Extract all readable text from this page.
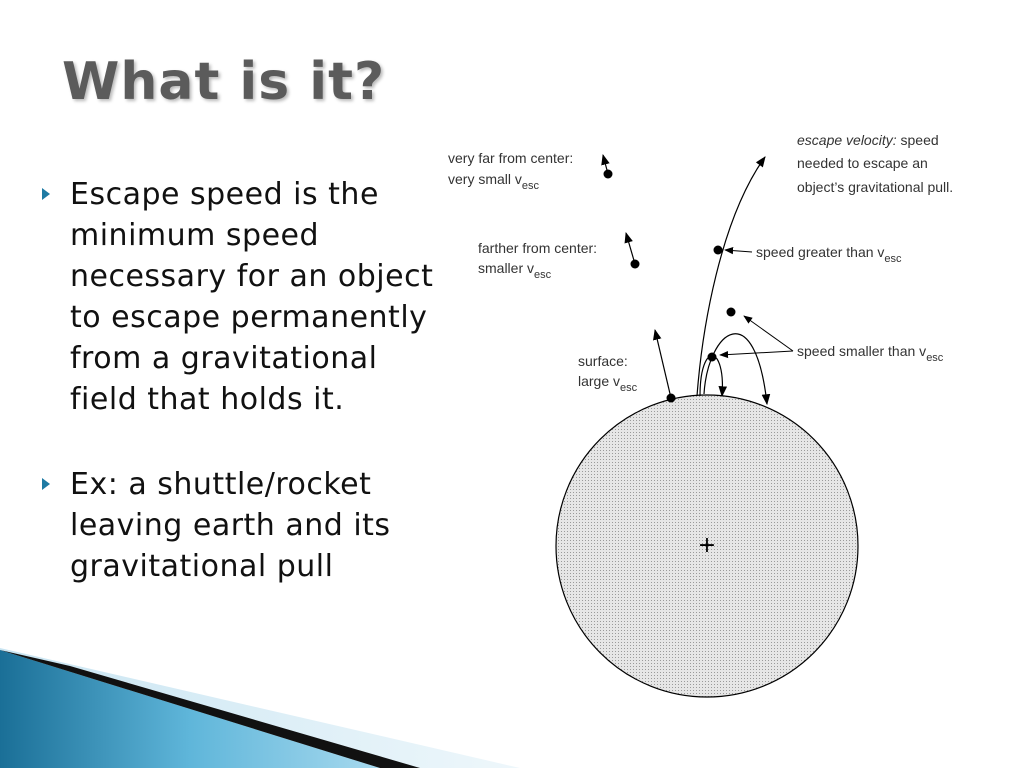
What is it?
Escape speed is the minimum speed necessary for an object to escape permanently from a gravitational field that holds it.
Ex: a shuttle/rocket leaving earth and its gravitational pull
+
very far from center:
very small $v_{esc}$
farther from center:
smaller $v_{esc}$
surface:
large $v_{esc}$
escape velocity: speed
needed to escape an
object’s gravitational pull.
speed greater than $v_{esc}$
speed smaller than $v_{esc}$
